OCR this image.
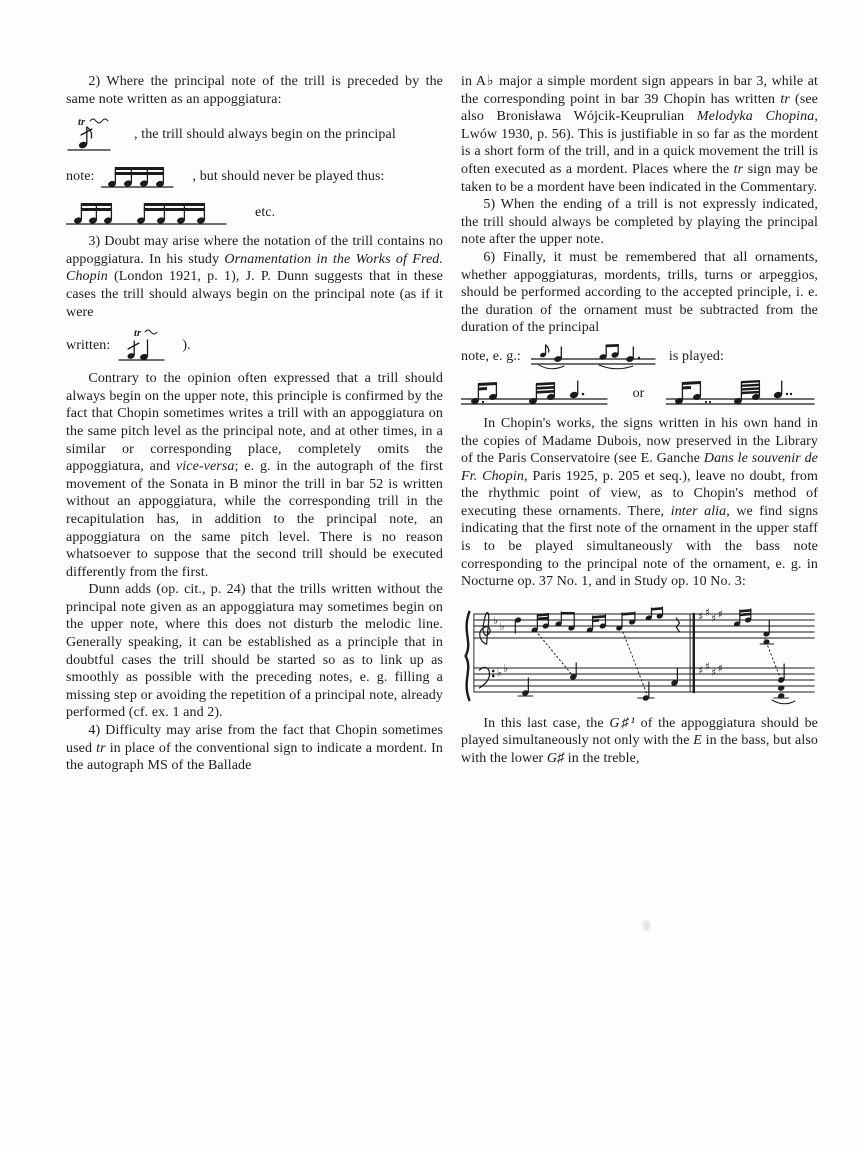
2) Where the principal note of the trill is preceded by the same note written as an appoggiatura:

tr
, the trill should always begin on the principal
note:	, but should never be played thus:
etc.

3) Doubt may arise where the notation of the trill contains no appoggiatura. In his study Ornamentation in the Works of Fred. Chopin (London 1921, p. 1), J. P. Dunn suggests that in these cases the trill should always begin on the principal note (as if it were

written:
tr
).

Contrary to the opinion often expressed that a trill should always begin on the upper note, this principle is confirmed by the fact that Chopin sometimes writes a trill with an appoggiatura on the same pitch level as the principal note, and at other times, in a similar or corresponding place, completely omits the appoggiatura, and vice-versa; e. g. in the autograph of the first movement of the Sonata in B minor the trill in bar 52 is written without an appoggiatura, while the corresponding trill in the recapitulation has, in addition to the principal note, an appoggiatura on the same pitch level. There is no reason whatsoever to suppose that the second trill should be executed differently from the first.

Dunn adds (op. cit., p. 24) that the trills written without the principal note given as an appoggiatura may sometimes begin on the upper note, where this does not disturb the melodic line. Generally speaking, it can be established as a principle that in doubtful cases the trill should be started so as to link up as smoothly as possible with the preceding notes, e. g. filling a missing step or avoiding the repetition of a principal note, already performed (cf. ex. 1 and 2).

4) Difficulty may arise from the fact that Chopin sometimes used tr in place of the conventional sign to indicate a mordent. In the autograph MS of the Ballade

in A♭ major a simple mordent sign appears in bar 3, while at the corresponding point in bar 39 Chopin has written tr (see also Bronisława Wójcik-Keuprulian Melodyka Chopina, Lwów 1930, p. 56). This is justifiable in so far as the mordent is a short form of the trill, and in a quick movement the trill is often executed as a mordent. Places where the tr sign may be taken to be a mordent have been indicated in the Commentary.

5) When the ending of a trill is not expressly indicated, the trill should always be completed by playing the principal note after the upper note.

6) Finally, it must be remembered that all ornaments, whether appoggiaturas, mordents, trills, turns or arpeggios, should be performed according to the accepted principle, i. e. the duration of the ornament must be subtracted from the duration of the principal

note, e. g.:	is played:
or

In Chopin's works, the signs written in his own hand in the copies of Madame Dubois, now preserved in the Library of the Paris Conservatoire (see E. Ganche Dans le souvenir de Fr. Chopin, Paris 1925, p. 205 et seq.), leave no doubt, from the rhythmic point of view, as to Chopin's method of executing these ornaments. There, inter alia, we find signs indicating that the first note of the ornament in the upper staff is to be played simultaneously with the bass note corresponding to the principal note of the ornament, e. g. in Nocturne op. 37 No. 1, and in Study op. 10 No. 3:

♭ ♭
♭ ♭
♯ ♯ ♯ ♯
♯ ♯ ♯ ♯

In this last case, the G♯¹ of the appoggiatura should be played simultaneously not only with the E in the bass, but also with the lower G♯ in the treble,
